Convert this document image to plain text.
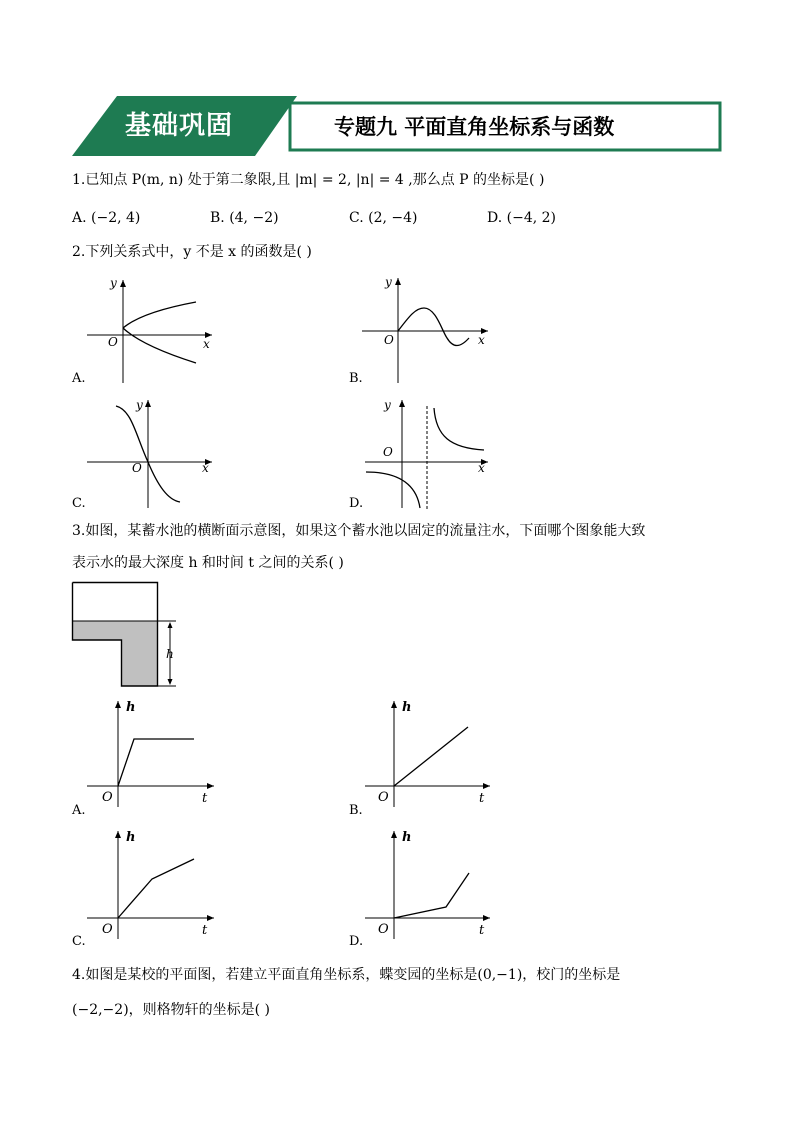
基础巩固	专题九 平面直角坐标系与函数
1.已知点 P(m, n) 处于第二象限,且 |m| = 2, |n| = 4 ,那么点 P 的坐标是( )
A. (−2, 4)	B. (4, −2)	C. (2, −4)	D. (−4, 2)
2.下列关系式中，y 不是 x 的函数是( )
y
x
O
A.
y
x
O
B.
y
x
O
C.
y
x
O
D.
3.如图，某蓄水池的横断面示意图，如果这个蓄水池以固定的流量注水，下面哪个图象能大致
表示水的最大深度 h 和时间 t 之间的关系( )
h
h
t
O
A.
h
t
O
B.
h
t
O
C.
h
t
O
D.
4.如图是某校的平面图，若建立平面直角坐标系，蝶变园的坐标是(0,−1)，校门的坐标是
(−2,−2)，则格物轩的坐标是( )
